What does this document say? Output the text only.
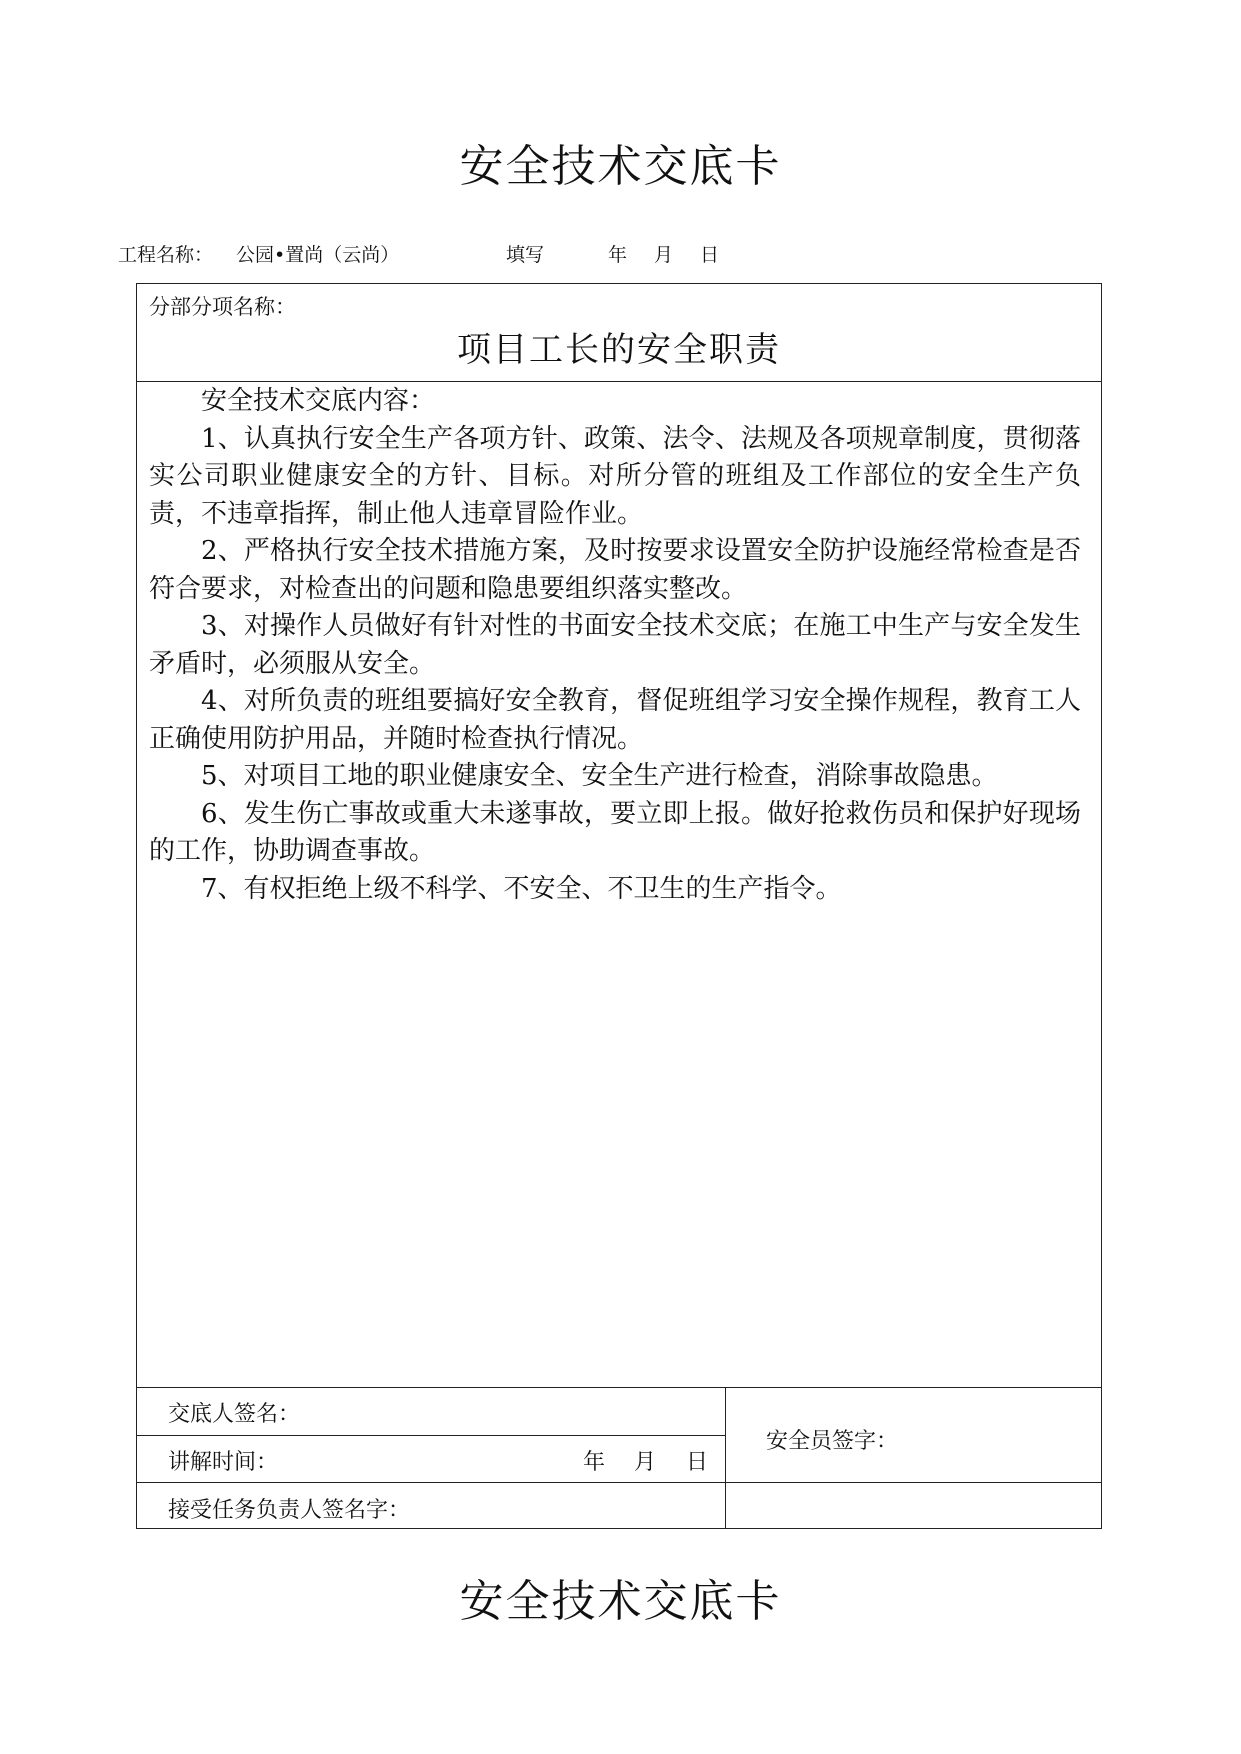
安全技术交底卡
工程名称： 公园•置尚（云尚）	填写	年 月 日
分部分项名称：
项目工长的安全职责

安全技术交底内容：

1、认真执行安全生产各项方针、政策、法令、法规及各项规章制度，贯彻落实公司职业健康安全的方针、目标。对所分管的班组及工作部位的安全生产负责，不违章指挥，制止他人违章冒险作业。

2、严格执行安全技术措施方案，及时按要求设置安全防护设施经常检查是否符合要求，对检查出的问题和隐患要组织落实整改。

3、对操作人员做好有针对性的书面安全技术交底；在施工中生产与安全发生矛盾时，必须服从安全。

4、对所负责的班组要搞好安全教育，督促班组学习安全操作规程，教育工人正确使用防护用品，并随时检查执行情况。

5、对项目工地的职业健康安全、安全生产进行检查，消除事故隐患。

6、发生伤亡事故或重大未遂事故，要立即上报。做好抢救伤员和保护好现场的工作，协助调查事故。

7、有权拒绝上级不科学、不安全、不卫生的生产指令。

交底人签名：
讲解时间：	年 月 日
安全员签字：
接受任务负责人签名字：
安全技术交底卡
